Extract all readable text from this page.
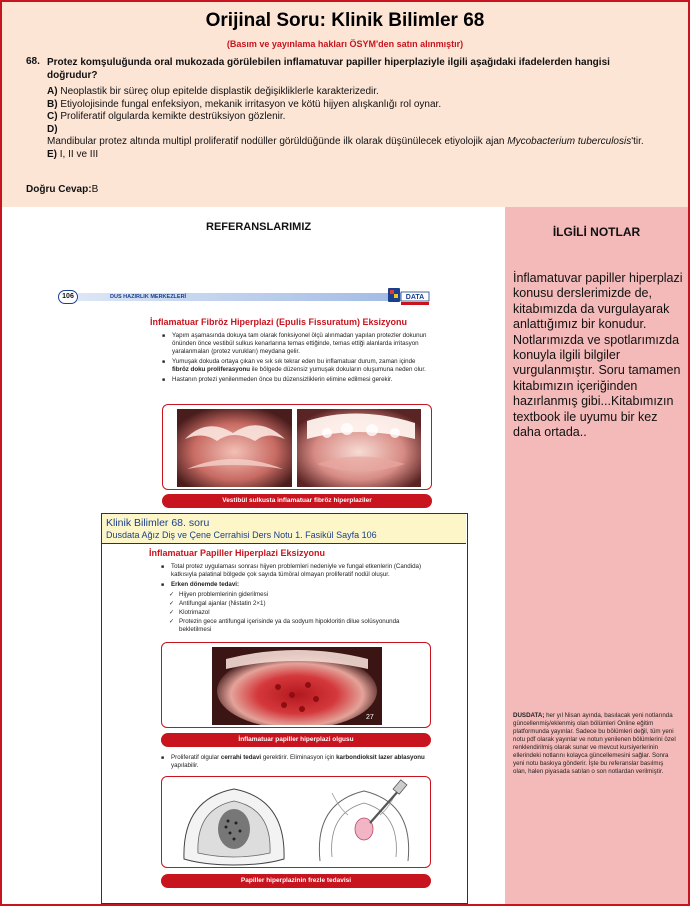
Orijinal Soru: Klinik Bilimler 68
(Basım ve yayınlama hakları ÖSYM'den satın alınmıştır)
68. Protez komşuluğunda oral mukozada görülebilen inflamatuvar papiller hiperplaziyle ilgili aşağıdaki ifadelerden hangisi doğrudur?
A) Neoplastik bir süreç olup epitelde displastik değişikliklerle karakterizedir.
B) Etiyolojisinde fungal enfeksiyon, mekanik irritasyon ve kötü hijyen alışkanlığı rol oynar.
C) Proliferatif olgularda kemikte destrüksiyon gözlenir.
D)
Mandibular protez altında multipl proliferatif nodüller görüldüğünde ilk olarak düşünülecek etiyolojik ajan Mycobacterium tuberculosis'tir.
E) I, II ve III
Doğru Cevap:B
REFERANSLARIMIZ
DUS HAZIRLIK MERKEZLERİ
106	DATA
İnflamatuar Fibröz Hiperplazi (Epulis Fissuratum) Eksizyonu
■ Yapım aşamasında dokuya tam olarak fonksiyonel ölçü alınmadan yapılan protezler dokunun önünden önce vestibül sulkus kenarlarına temas ettiğinde, temas ettiği alanlarda irritasyon yaralanmaları (protez vurukları) meydana gelir.
■ Yumuşak dokuda ortaya çıkan ve sık sık tekrar eden bu inflamatuar durum, zaman içinde fibröz doku proliferasyonu ile bölgede düzensiz yumuşak dokuların oluşumuna neden olur.
■ Hastanın protezi yenilenmeden önce bu düzensizliklerin elimine edilmesi gerekir.
Vestibül sulkusta inflamatuar fibröz hiperplaziler
Klinik Bilimler 68. soru
Dusdata Ağız Diş ve Çene Cerrahisi Ders Notu 1. Fasikül Sayfa 106
İnflamatuar Papiller Hiperplazi Eksizyonu
■ Total protez uygulaması sonrası hijyen problemleri nedeniyle ve fungal etkenlerin (Candida) katkısıyla palatinal bölgede çok sayıda tümöral olmayan proliferatif nodül oluşur.
■ Erken dönemde tedavi:
✓ Hijyen problemlerinin giderilmesi
✓ Antifungal ajanlar (Nistatin 2×1)
✓ Klotrimazol
✓ Protezin gece antifungal içerisinde ya da sodyum hipokloritin dilue solüsyonunda bekletilmesi
27
İnflamatuar papiller hiperplazi olgusu
■ Proliferatif olgular cerrahi tedavi gerektirir. Eliminasyon için karbondioksit lazer ablasyonu yapılabilir.
Papiller hiperplazinin frezle tedavisi
İLGİLİ NOTLAR
İnflamatuvar papiller hiperplazi konusu derslerimizde de, kitabımızda da vurgulayarak anlattığımız bir konudur. Notlarımızda ve spotlarımızda konuyla ilgili bilgiler vurgulanmıştır. Soru tamamen kitabımızın içeriğinden hazırlanmış gibi...Kitabımızın textbook ile uyumu bir kez daha ortada..
DUSDATA; her yıl Nisan ayında, basılacak yeni notlarında güncellenmiş/eklenmiş olan bölümleri Online eğitim platformunda yayınlar. Sadece bu bölümleri değil, tüm yeni notu pdf olarak yayınlar ve notun yenilenen bölümlerini özel renklendirilmiş olarak sunar ve mevcut kursiyerlerinin ellerindeki notlarını kolayca güncellemesini sağlar. Sonra yeni notu baskıya gönderir. İşte bu referanslar basılmış olan, halen piyasada satılan o son notlardan verilmiştir.
